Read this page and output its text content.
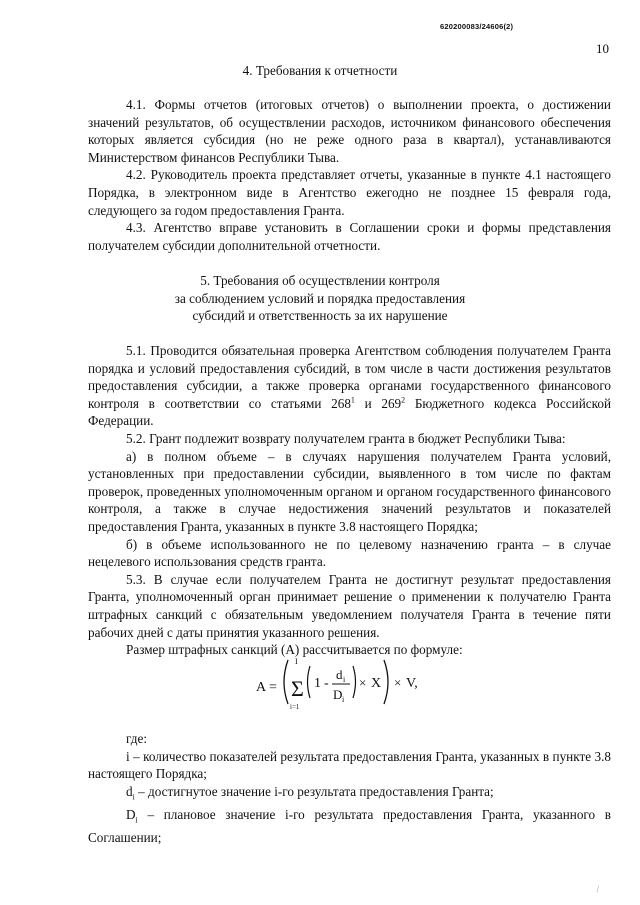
620200083/24606(2)
10
4. Требования к отчетности

4.1. Формы отчетов (итоговых отчетов) о выполнении проекта, о достижении значений результатов, об осуществлении расходов, источником финансового обеспечения которых является субсидия (но не реже одного раза в квартал), устанавливаются Министерством финансов Республики Тыва.

4.2. Руководитель проекта представляет отчеты, указанные в пункте 4.1 настоящего Порядка, в электронном виде в Агентство ежегодно не позднее 15 февраля года, следующего за годом предоставления Гранта.

4.3. Агентство вправе установить в Соглашении сроки и формы представления получателем субсидии дополнительной отчетности.

5. Требования об осуществлении контроля
за соблюдением условий и порядка предоставления
субсидий и ответственность за их нарушение

5.1. Проводится обязательная проверка Агентством соблюдения получателем Гранта порядка и условий предоставления субсидий, в том числе в части достижения результатов предоставления субсидии, а также проверка органами государственного финансового контроля в соответствии со статьями $268^1$ и $269^2$ Бюджетного кодекса Российской Федерации.

5.2. Грант подлежит возврату получателем гранта в бюджет Республики Тыва:

а) в полном объеме – в случаях нарушения получателем Гранта условий, установленных при предоставлении субсидии, выявленного в том числе по фактам проверок, проведенных уполномоченным органом и органом государственного финансового контроля, а также в случае недостижения значений результатов и показателей предоставления Гранта, указанных в пункте 3.8 настоящего Порядка;

б) в объеме использованного не по целевому назначению гранта – в случае нецелевого использования средств гранта.

5.3. В случае если получателем Гранта не достигнут результат предоставления Гранта, уполномоченный орган принимает решение о применении к получателю Гранта штрафных санкций с обязательным уведомлением получателя Гранта в течение пяти рабочих дней с даты принятия указанного решения.

Размер штрафных санкций (А) рассчитывается по формуле:

A =
I
Σ
i=1
1 -
d i
D i
× X × V,

где:

i – количество показателей результата предоставления Гранта, указанных в пункте 3.8 настоящего Порядка;

$d_i$ – достигнутое значение i-го результата предоставления Гранта;

$D_i$ – плановое значение i-го результата предоставления Гранта, указанного в Соглашении;

⁄
